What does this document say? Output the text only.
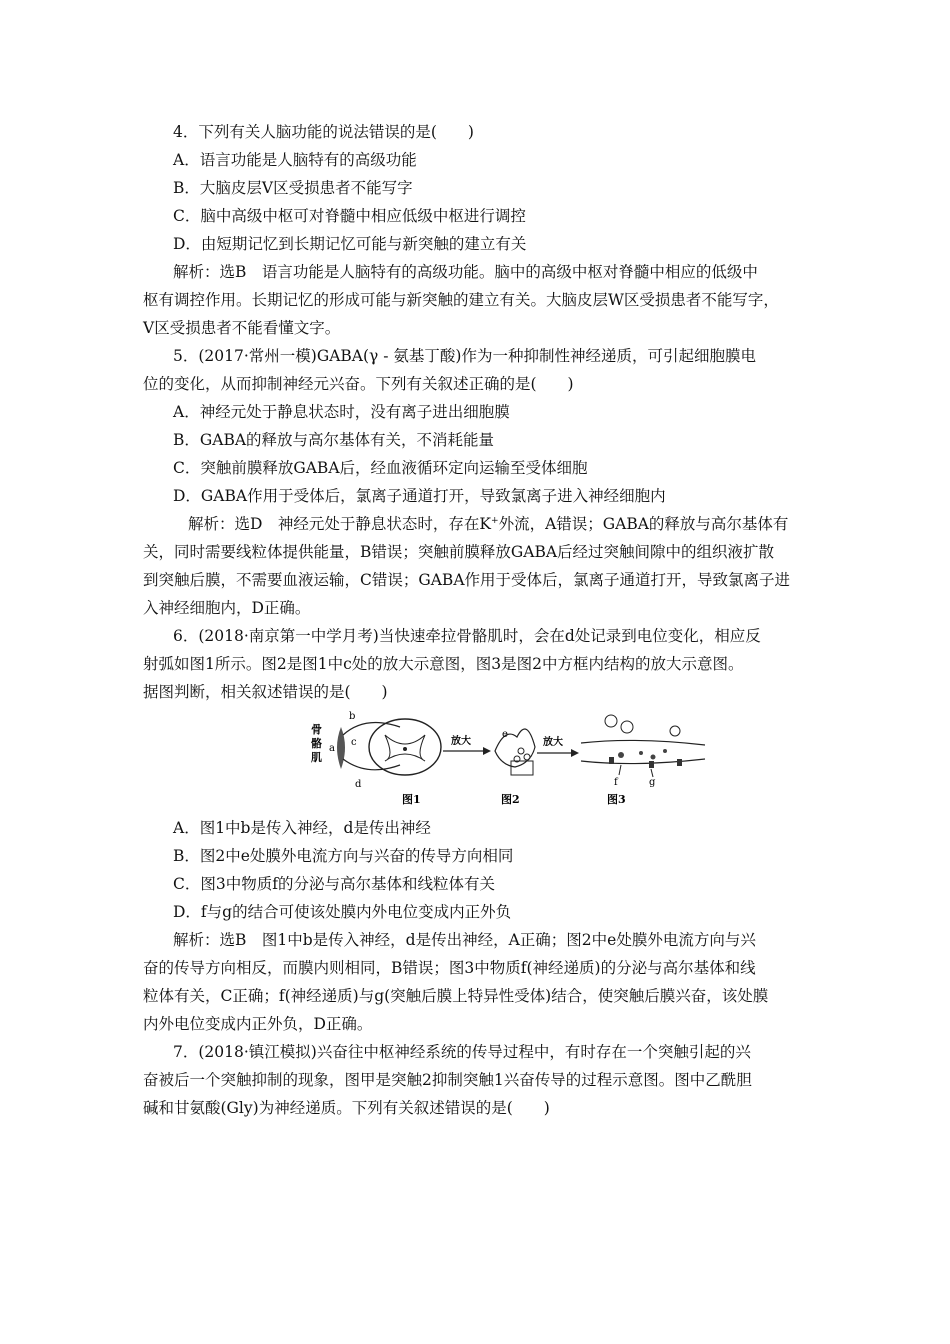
4．下列有关人脑功能的说法错误的是(　　)
A．语言功能是人脑特有的高级功能
B．大脑皮层Ⅴ区受损患者不能写字
C．脑中高级中枢可对脊髓中相应低级中枢进行调控
D．由短期记忆到长期记忆可能与新突触的建立有关
解析：选B　语言功能是人脑特有的高级功能。脑中的高级中枢对脊髓中相应的低级中
枢有调控作用。长期记忆的形成可能与新突触的建立有关。大脑皮层W区受损患者不能写字，
Ⅴ区受损患者不能看懂文字。
5．(2017·常州一模)GABA(γ - 氨基丁酸)作为一种抑制性神经递质，可引起细胞膜电
位的变化，从而抑制神经元兴奋。下列有关叙述正确的是(　　)
A．神经元处于静息状态时，没有离子进出细胞膜
B．GABA的释放与高尔基体有关，不消耗能量
C．突触前膜释放GABA后，经血液循环定向运输至受体细胞
D．GABA作用于受体后，氯离子通道打开，导致氯离子进入神经细胞内
解析：选D　神经元处于静息状态时，存在K+外流，A错误；GABA的释放与高尔基体有
关，同时需要线粒体提供能量，B错误；突触前膜释放GABA后经过突触间隙中的组织液扩散
到突触后膜，不需要血液运输，C错误；GABA作用于受体后，氯离子通道打开，导致氯离子进
入神经细胞内，D正确。
6．(2018·南京第一中学月考)当快速牵拉骨骼肌时，会在d处记录到电位变化，相应反
射弧如图1所示。图2是图1中c处的放大示意图，图3是图2中方框内结构的放大示意图。
据图判断，相关叙述错误的是(　　)
骨
骼
肌
a
b
c
d
放大
e
放大
f	g
图1	图2	图3
A．图1中b是传入神经，d是传出神经
B．图2中e处膜外电流方向与兴奋的传导方向相同
C．图3中物质f的分泌与高尔基体和线粒体有关
D．f与g的结合可使该处膜内外电位变成内正外负
解析：选B　图1中b是传入神经，d是传出神经，A正确；图2中e处膜外电流方向与兴
奋的传导方向相反，而膜内则相同，B错误；图3中物质f(神经递质)的分泌与高尔基体和线
粒体有关，C正确；f(神经递质)与g(突触后膜上特异性受体)结合，使突触后膜兴奋，该处膜
内外电位变成内正外负，D正确。
7．(2018·镇江模拟)兴奋往中枢神经系统的传导过程中，有时存在一个突触引起的兴
奋被后一个突触抑制的现象，图甲是突触2抑制突触1兴奋传导的过程示意图。图中乙酰胆
碱和甘氨酸(Gly)为神经递质。下列有关叙述错误的是(　　)
